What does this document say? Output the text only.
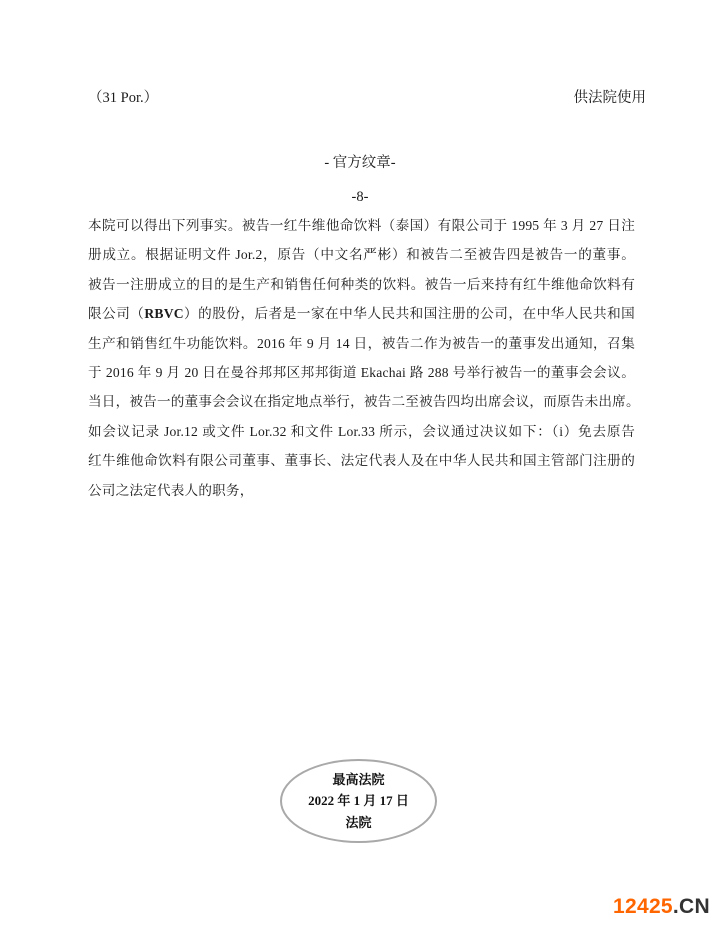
（31 Por.）	供法院使用
- 官方纹章-
-8-
本院可以得出下列事实。被告一红牛维他命饮料（泰国）有限公司于 1995 年 3 月 27 日注
册成立。根据证明文件 Jor.2，原告（中文名严彬）和被告二至被告四是被告一的董事。
被告一注册成立的目的是生产和销售任何种类的饮料。被告一后来持有红牛维他命饮料有
限公司（RBVC）的股份，后者是一家在中华人民共和国注册的公司，在中华人民共和国
生产和销售红牛功能饮料。2016 年 9 月 14 日，被告二作为被告一的董事发出通知，召集
于 2016 年 9 月 20 日在曼谷邦邦区邦邦街道 Ekachai 路 288 号举行被告一的董事会会议。
当日，被告一的董事会会议在指定地点举行，被告二至被告四均出席会议，而原告未出席。
如会议记录 Jor.12 或文件 Lor.32 和文件 Lor.33 所示，会议通过决议如下：（i）免去原告
红牛维他命饮料有限公司董事、董事长、法定代表人及在中华人民共和国主管部门注册的
公司之法定代表人的职务，
最高法院
2022 年 1 月 17 日
法院
12425.CN
